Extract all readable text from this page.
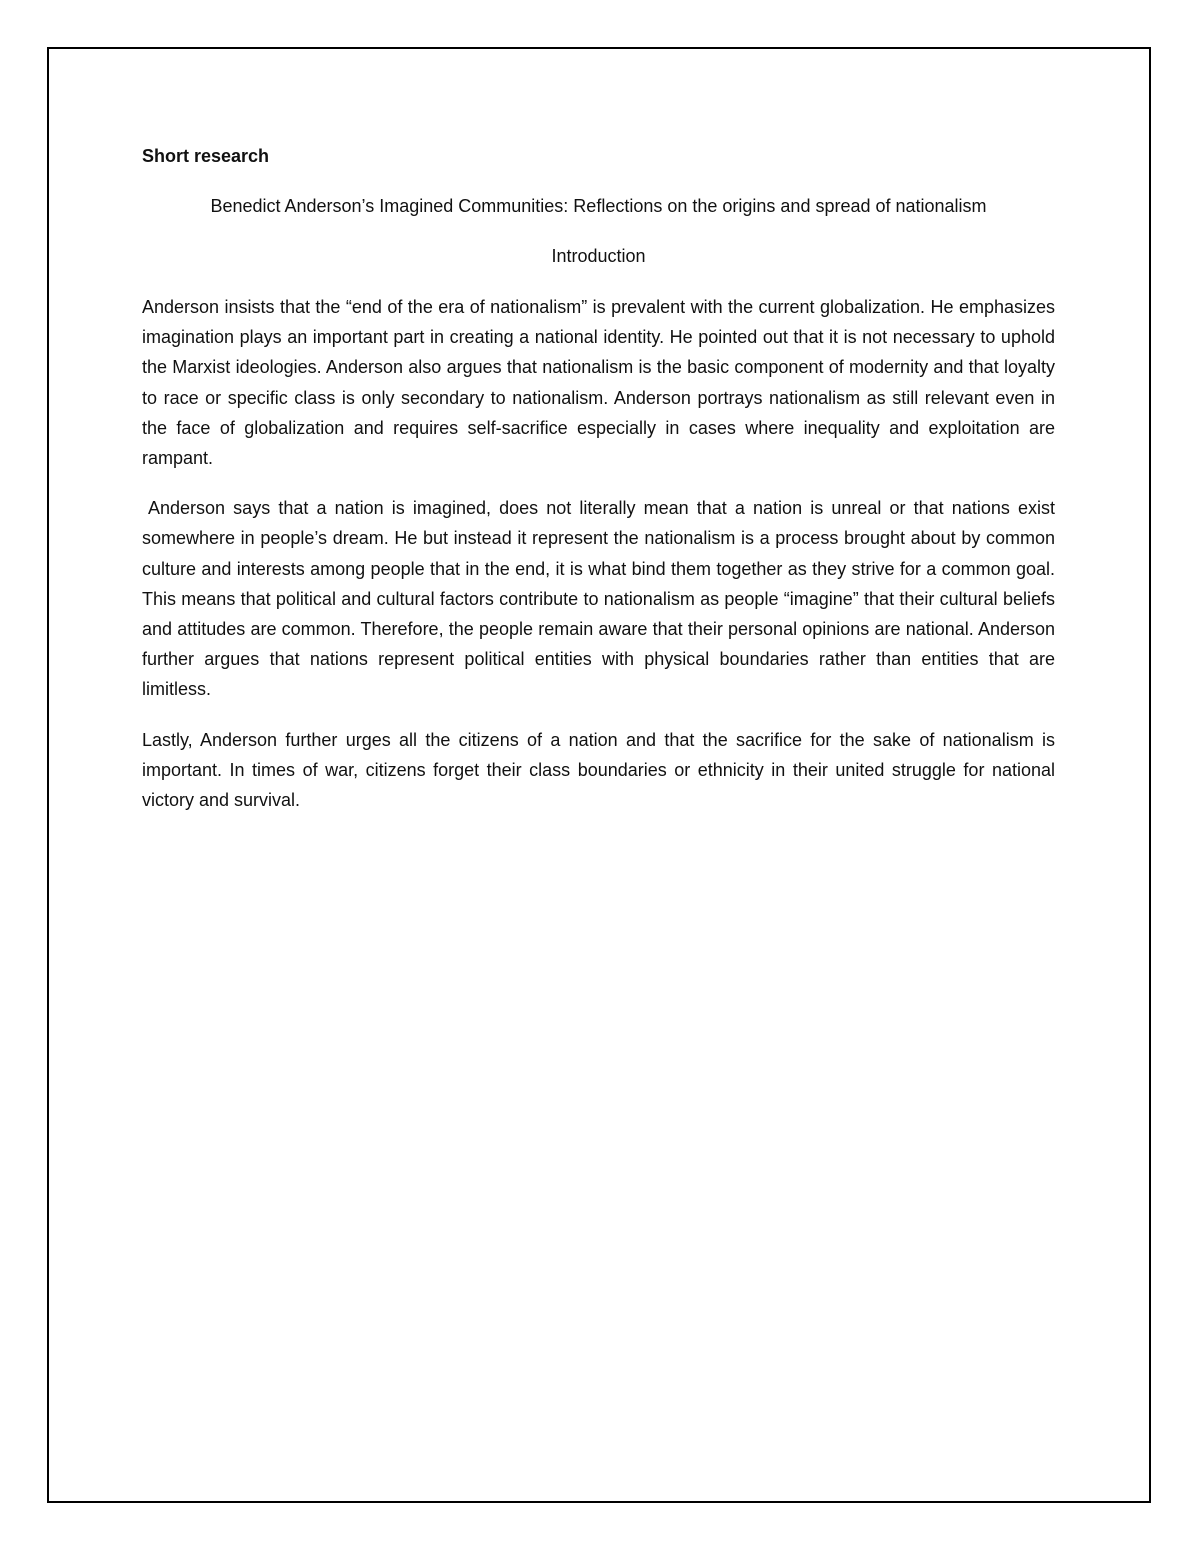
Short research
Benedict Anderson’s Imagined Communities: Reflections on the origins and spread of nationalism
Introduction

Anderson insists that the “end of the era of nationalism” is prevalent with the current globalization. He emphasizes imagination plays an important part in creating a national identity. He pointed out that it is not necessary to uphold the Marxist ideologies. Anderson also argues that nationalism is the basic component of modernity and that loyalty to race or specific class is only secondary to nationalism. Anderson portrays nationalism as still relevant even in the face of globalization and requires self-sacrifice especially in cases where inequality and exploitation are rampant.

Anderson says that a nation is imagined, does not literally mean that a nation is unreal or that nations exist somewhere in people’s dream. He but instead it represent the nationalism is a process brought about by common culture and interests among people that in the end, it is what bind them together as they strive for a common goal. This means that political and cultural factors contribute to nationalism as people “imagine” that their cultural beliefs and attitudes are common. Therefore, the people remain aware that their personal opinions are national. Anderson further argues that nations represent political entities with physical boundaries rather than entities that are limitless.

Lastly, Anderson further urges all the citizens of a nation and that the sacrifice for the sake of nationalism is important. In times of war, citizens forget their class boundaries or ethnicity in their united struggle for national victory and survival.
